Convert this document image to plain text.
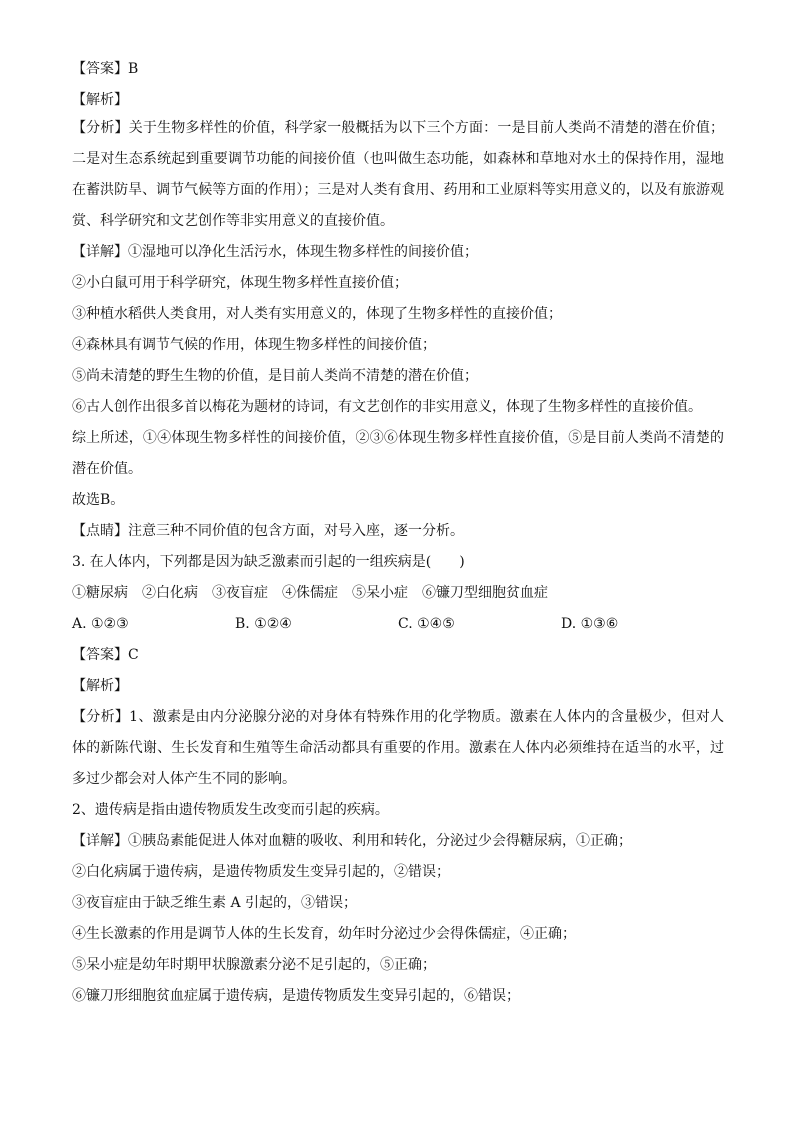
【答案】B

【解析】

【分析】关于生物多样性的价值，科学家一般概括为以下三个方面：一是目前人类尚不清楚的潜在价值；二是对生态系统起到重要调节功能的间接价值（也叫做生态功能，如森林和草地对水土的保持作用，湿地在蓄洪防旱、调节气候等方面的作用）；三是对人类有食用、药用和工业原料等实用意义的，以及有旅游观赏、科学研究和文艺创作等非实用意义的直接价值。

【详解】①湿地可以净化生活污水，体现生物多样性的间接价值；

②小白鼠可用于科学研究，体现生物多样性直接价值；

③种植水稻供人类食用，对人类有实用意义的，体现了生物多样性的直接价值；

④森林具有调节气候的作用，体现生物多样性的间接价值；

⑤尚未清楚的野生生物的价值，是目前人类尚不清楚的潜在价值；

⑥古人创作出很多首以梅花为题材的诗词，有文艺创作的非实用意义，体现了生物多样性的直接价值。

综上所述，①④体现生物多样性的间接价值，②③⑥体现生物多样性直接价值，⑤是目前人类尚不清楚的潜在价值。

故选B。

【点睛】注意三种不同价值的包含方面，对号入座，逐一分析。

3. 在人体内，下列都是因为缺乏激素而引起的一组疾病是(　　)

①糖尿病　②白化病　③夜盲症　④侏儒症　⑤呆小症　⑥镰刀型细胞贫血症

A. ①②③	B. ①②④	C. ①④⑤	D. ①③⑥

【答案】C

【解析】

【分析】1、激素是由内分泌腺分泌的对身体有特殊作用的化学物质。激素在人体内的含量极少，但对人体的新陈代谢、生长发育和生殖等生命活动都具有重要的作用。激素在人体内必须维持在适当的水平，过多过少都会对人体产生不同的影响。

2、遗传病是指由遗传物质发生改变而引起的疾病。

【详解】①胰岛素能促进人体对血糖的吸收、利用和转化，分泌过少会得糖尿病，①正确；

②白化病属于遗传病，是遗传物质发生变异引起的，②错误；

③夜盲症由于缺乏维生素 A 引起的，③错误；

④生长激素的作用是调节人体的生长发育，幼年时分泌过少会得侏儒症，④正确；

⑤呆小症是幼年时期甲状腺激素分泌不足引起的，⑤正确；

⑥镰刀形细胞贫血症属于遗传病，是遗传物质发生变异引起的，⑥错误；
